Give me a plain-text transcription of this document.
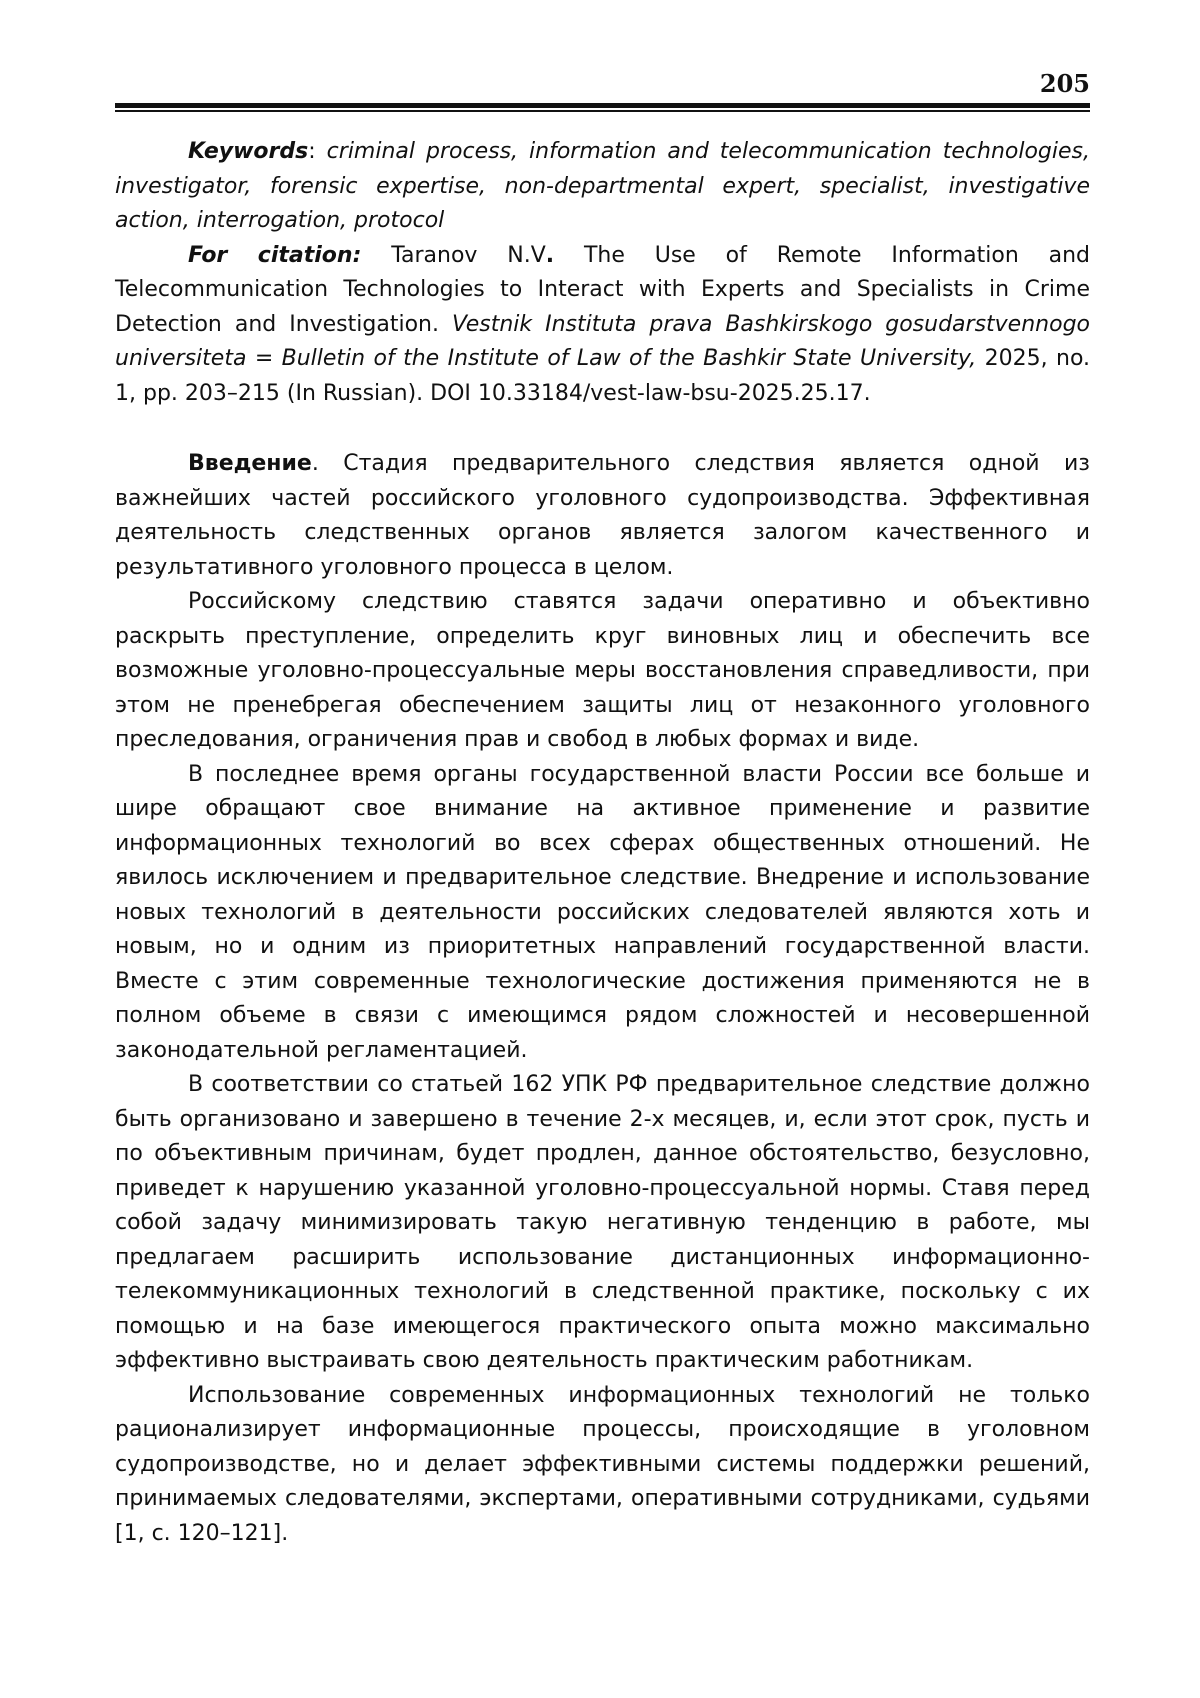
205

Keywords: criminal process, information and telecommunication technologies, investigator, forensic expertise, non-departmental expert, specialist, investigative action, interrogation, protocol

For citation: Taranov N.V. The Use of Remote Information and Telecommunication Technologies to Interact with Experts and Specialists in Crime Detection and Investigation. Vestnik Instituta prava Bashkirskogo gosudarstvennogo universiteta = Bulletin of the Institute of Law of the Bashkir State University, 2025, no. 1, pp. 203–215 (In Russian). DOI 10.33184/vest-law-bsu-2025.25.17.

Введение. Стадия предварительного следствия является одной из важнейших частей российского уголовного судопроизводства. Эффективная деятельность следственных органов является залогом качественного и результативного уголовного процесса в целом.

Российскому следствию ставятся задачи оперативно и объективно раскрыть преступление, определить круг виновных лиц и обеспечить все возможные уголовно-процессуальные меры восстановления справедливости, при этом не пренебрегая обеспечением защиты лиц от незаконного уголовного преследования, ограничения прав и свобод в любых формах и виде.

В последнее время органы государственной власти России все больше и шире обращают свое внимание на активное применение и развитие информационных технологий во всех сферах общественных отношений. Не явилось исключением и предварительное следствие. Внедрение и использование новых технологий в деятельности российских следователей являются хоть и новым, но и одним из приоритетных направлений государственной власти. Вместе с этим современные технологические достижения применяются не в полном объеме в связи с имеющимся рядом сложностей и несовершенной законодательной регламентацией.

В соответствии со статьей 162 УПК РФ предварительное следствие должно быть организовано и завершено в течение 2-х месяцев, и, если этот срок, пусть и по объективным причинам, будет продлен, данное обстоятельство, безусловно, приведет к нарушению указанной уголовно-процессуальной нормы. Ставя перед собой задачу минимизировать такую негативную тенденцию в работе, мы предлагаем расширить использование дистанционных информационно-телекоммуникационных технологий в следственной практике, поскольку с их помощью и на базе имеющегося практического опыта можно максимально эффективно выстраивать свою деятельность практическим работникам.

Использование современных информационных технологий не только рационализирует информационные процессы, происходящие в уголовном судопроизводстве, но и делает эффективными системы поддержки решений, принимаемых следователями, экспертами, оперативными сотрудниками, судьями [1, с. 120–121].
